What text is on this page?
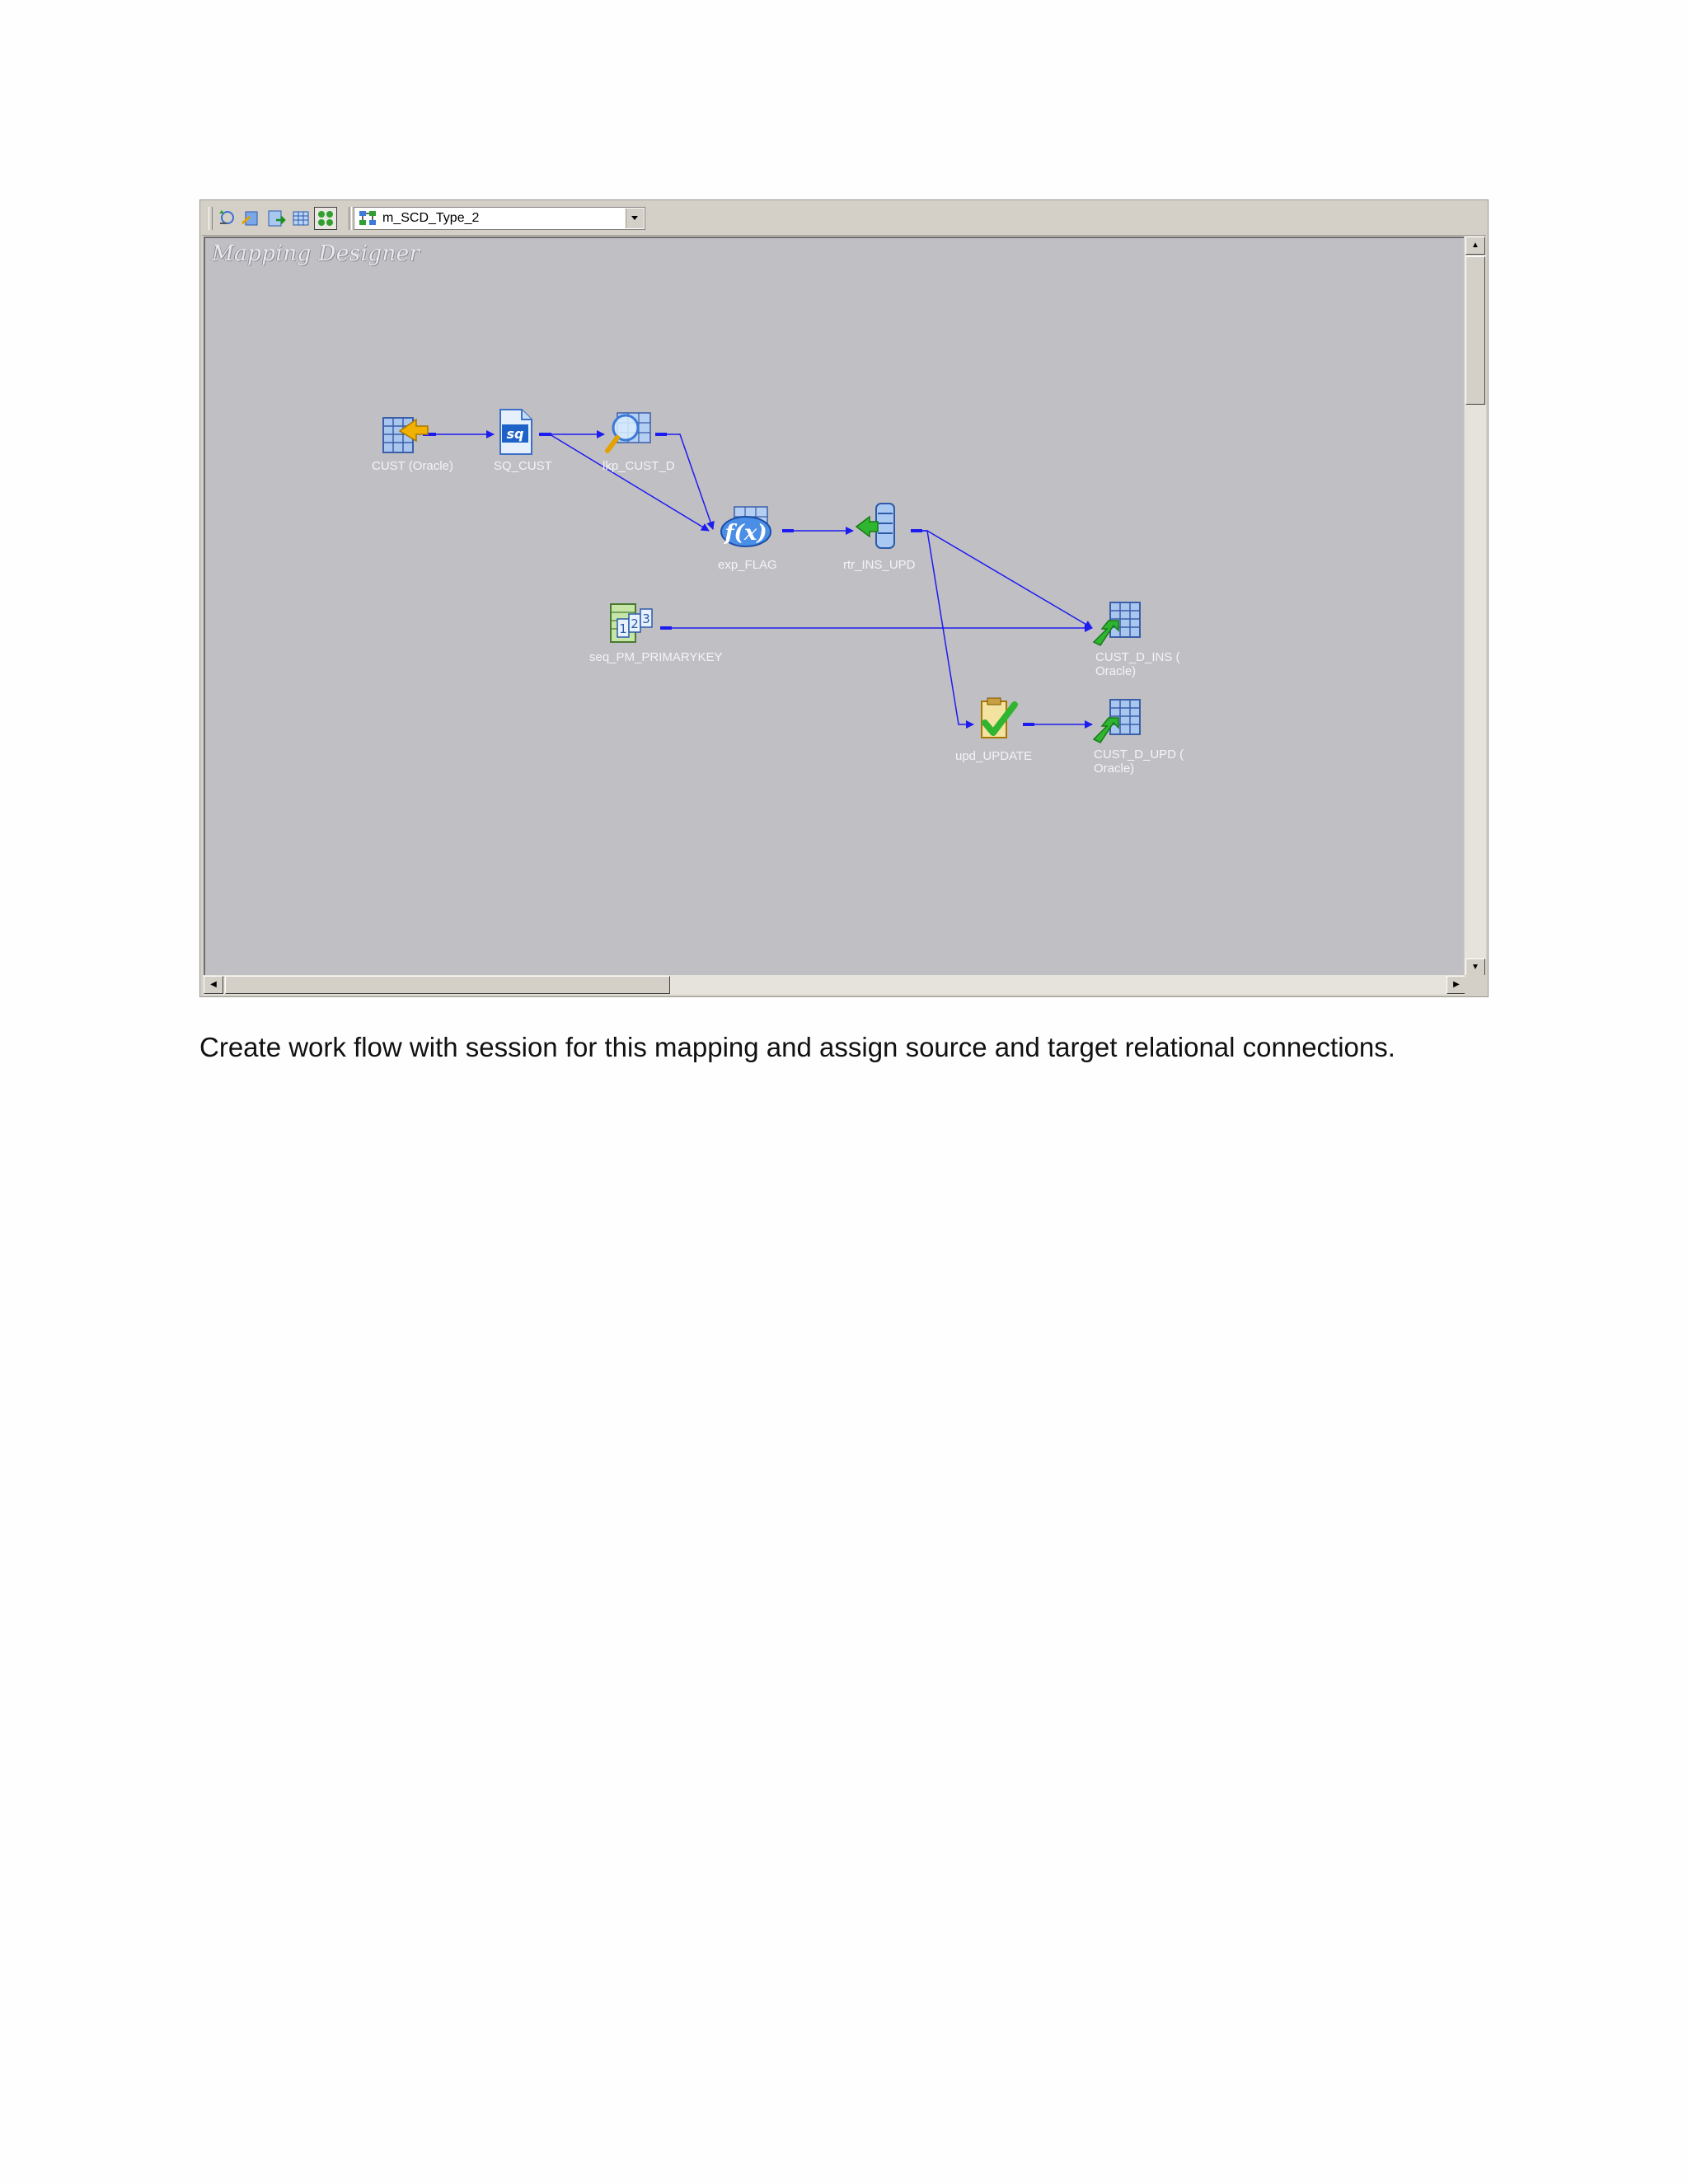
m_SCD_Type_2
Mapping Designer
CUST (Oracle)
sq
SQ_CUST	lkp_CUST_D
f(x)
exp_FLAG	rtr_INS_UPD
1 2 3
seq_PM_PRIMARYKEY	CUST_D_INS ( Oracle)
upd_UPDATE	CUST_D_UPD ( Oracle)
▲
▼
◀	▶
Create work flow with session for this mapping and assign source and target relational connections.
